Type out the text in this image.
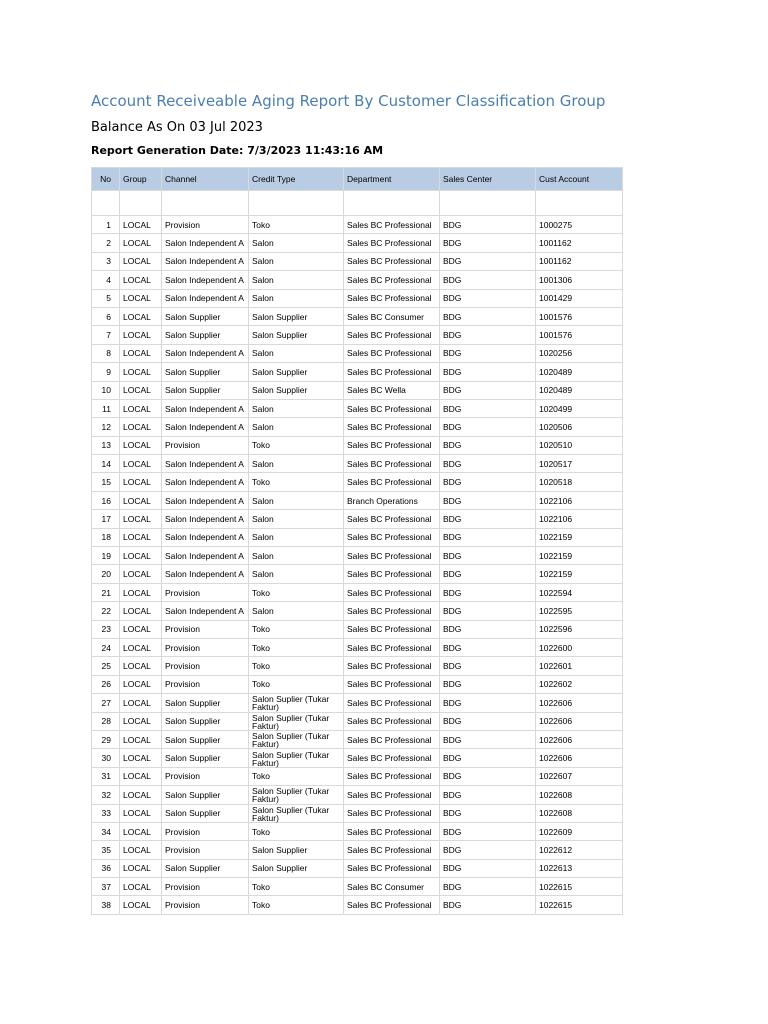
Account Receiveable Aging Report By Customer Classification Group
Balance As On 03 Jul 2023
Report Generation Date: 7/3/2023 11:43:16 AM
No	Group	Channel	Credit Type	Department	Sales Center	Cust Account

1	LOCAL	Provision	Toko	Sales BC Professional	BDG	1000275
2	LOCAL	Salon Independent A	Salon	Sales BC Professional	BDG	1001162
3	LOCAL	Salon Independent A	Salon	Sales BC Professional	BDG	1001162
4	LOCAL	Salon Independent A	Salon	Sales BC Professional	BDG	1001306
5	LOCAL	Salon Independent A	Salon	Sales BC Professional	BDG	1001429
6	LOCAL	Salon Supplier	Salon Supplier	Sales BC Consumer	BDG	1001576
7	LOCAL	Salon Supplier	Salon Supplier	Sales BC Professional	BDG	1001576
8	LOCAL	Salon Independent A	Salon	Sales BC Professional	BDG	1020256
9	LOCAL	Salon Supplier	Salon Supplier	Sales BC Professional	BDG	1020489
10	LOCAL	Salon Supplier	Salon Supplier	Sales BC Wella	BDG	1020489
11	LOCAL	Salon Independent A	Salon	Sales BC Professional	BDG	1020499
12	LOCAL	Salon Independent A	Salon	Sales BC Professional	BDG	1020506
13	LOCAL	Provision	Toko	Sales BC Professional	BDG	1020510
14	LOCAL	Salon Independent A	Salon	Sales BC Professional	BDG	1020517
15	LOCAL	Salon Independent A	Toko	Sales BC Professional	BDG	1020518
16	LOCAL	Salon Independent A	Salon	Branch Operations	BDG	1022106
17	LOCAL	Salon Independent A	Salon	Sales BC Professional	BDG	1022106
18	LOCAL	Salon Independent A	Salon	Sales BC Professional	BDG	1022159
19	LOCAL	Salon Independent A	Salon	Sales BC Professional	BDG	1022159
20	LOCAL	Salon Independent A	Salon	Sales BC Professional	BDG	1022159
21	LOCAL	Provision	Toko	Sales BC Professional	BDG	1022594
22	LOCAL	Salon Independent A	Salon	Sales BC Professional	BDG	1022595
23	LOCAL	Provision	Toko	Sales BC Professional	BDG	1022596
24	LOCAL	Provision	Toko	Sales BC Professional	BDG	1022600
25	LOCAL	Provision	Toko	Sales BC Professional	BDG	1022601
26	LOCAL	Provision	Toko	Sales BC Professional	BDG	1022602
27	LOCAL	Salon Supplier	Salon Suplier (Tukar Faktur)	Sales BC Professional	BDG	1022606
28	LOCAL	Salon Supplier	Salon Suplier (Tukar Faktur)	Sales BC Professional	BDG	1022606
29	LOCAL	Salon Supplier	Salon Suplier (Tukar Faktur)	Sales BC Professional	BDG	1022606
30	LOCAL	Salon Supplier	Salon Suplier (Tukar Faktur)	Sales BC Professional	BDG	1022606
31	LOCAL	Provision	Toko	Sales BC Professional	BDG	1022607
32	LOCAL	Salon Supplier	Salon Suplier (Tukar Faktur)	Sales BC Professional	BDG	1022608
33	LOCAL	Salon Supplier	Salon Suplier (Tukar Faktur)	Sales BC Professional	BDG	1022608
34	LOCAL	Provision	Toko	Sales BC Professional	BDG	1022609
35	LOCAL	Provision	Salon Supplier	Sales BC Professional	BDG	1022612
36	LOCAL	Salon Supplier	Salon Supplier	Sales BC Professional	BDG	1022613
37	LOCAL	Provision	Toko	Sales BC Consumer	BDG	1022615
38	LOCAL	Provision	Toko	Sales BC Professional	BDG	1022615
